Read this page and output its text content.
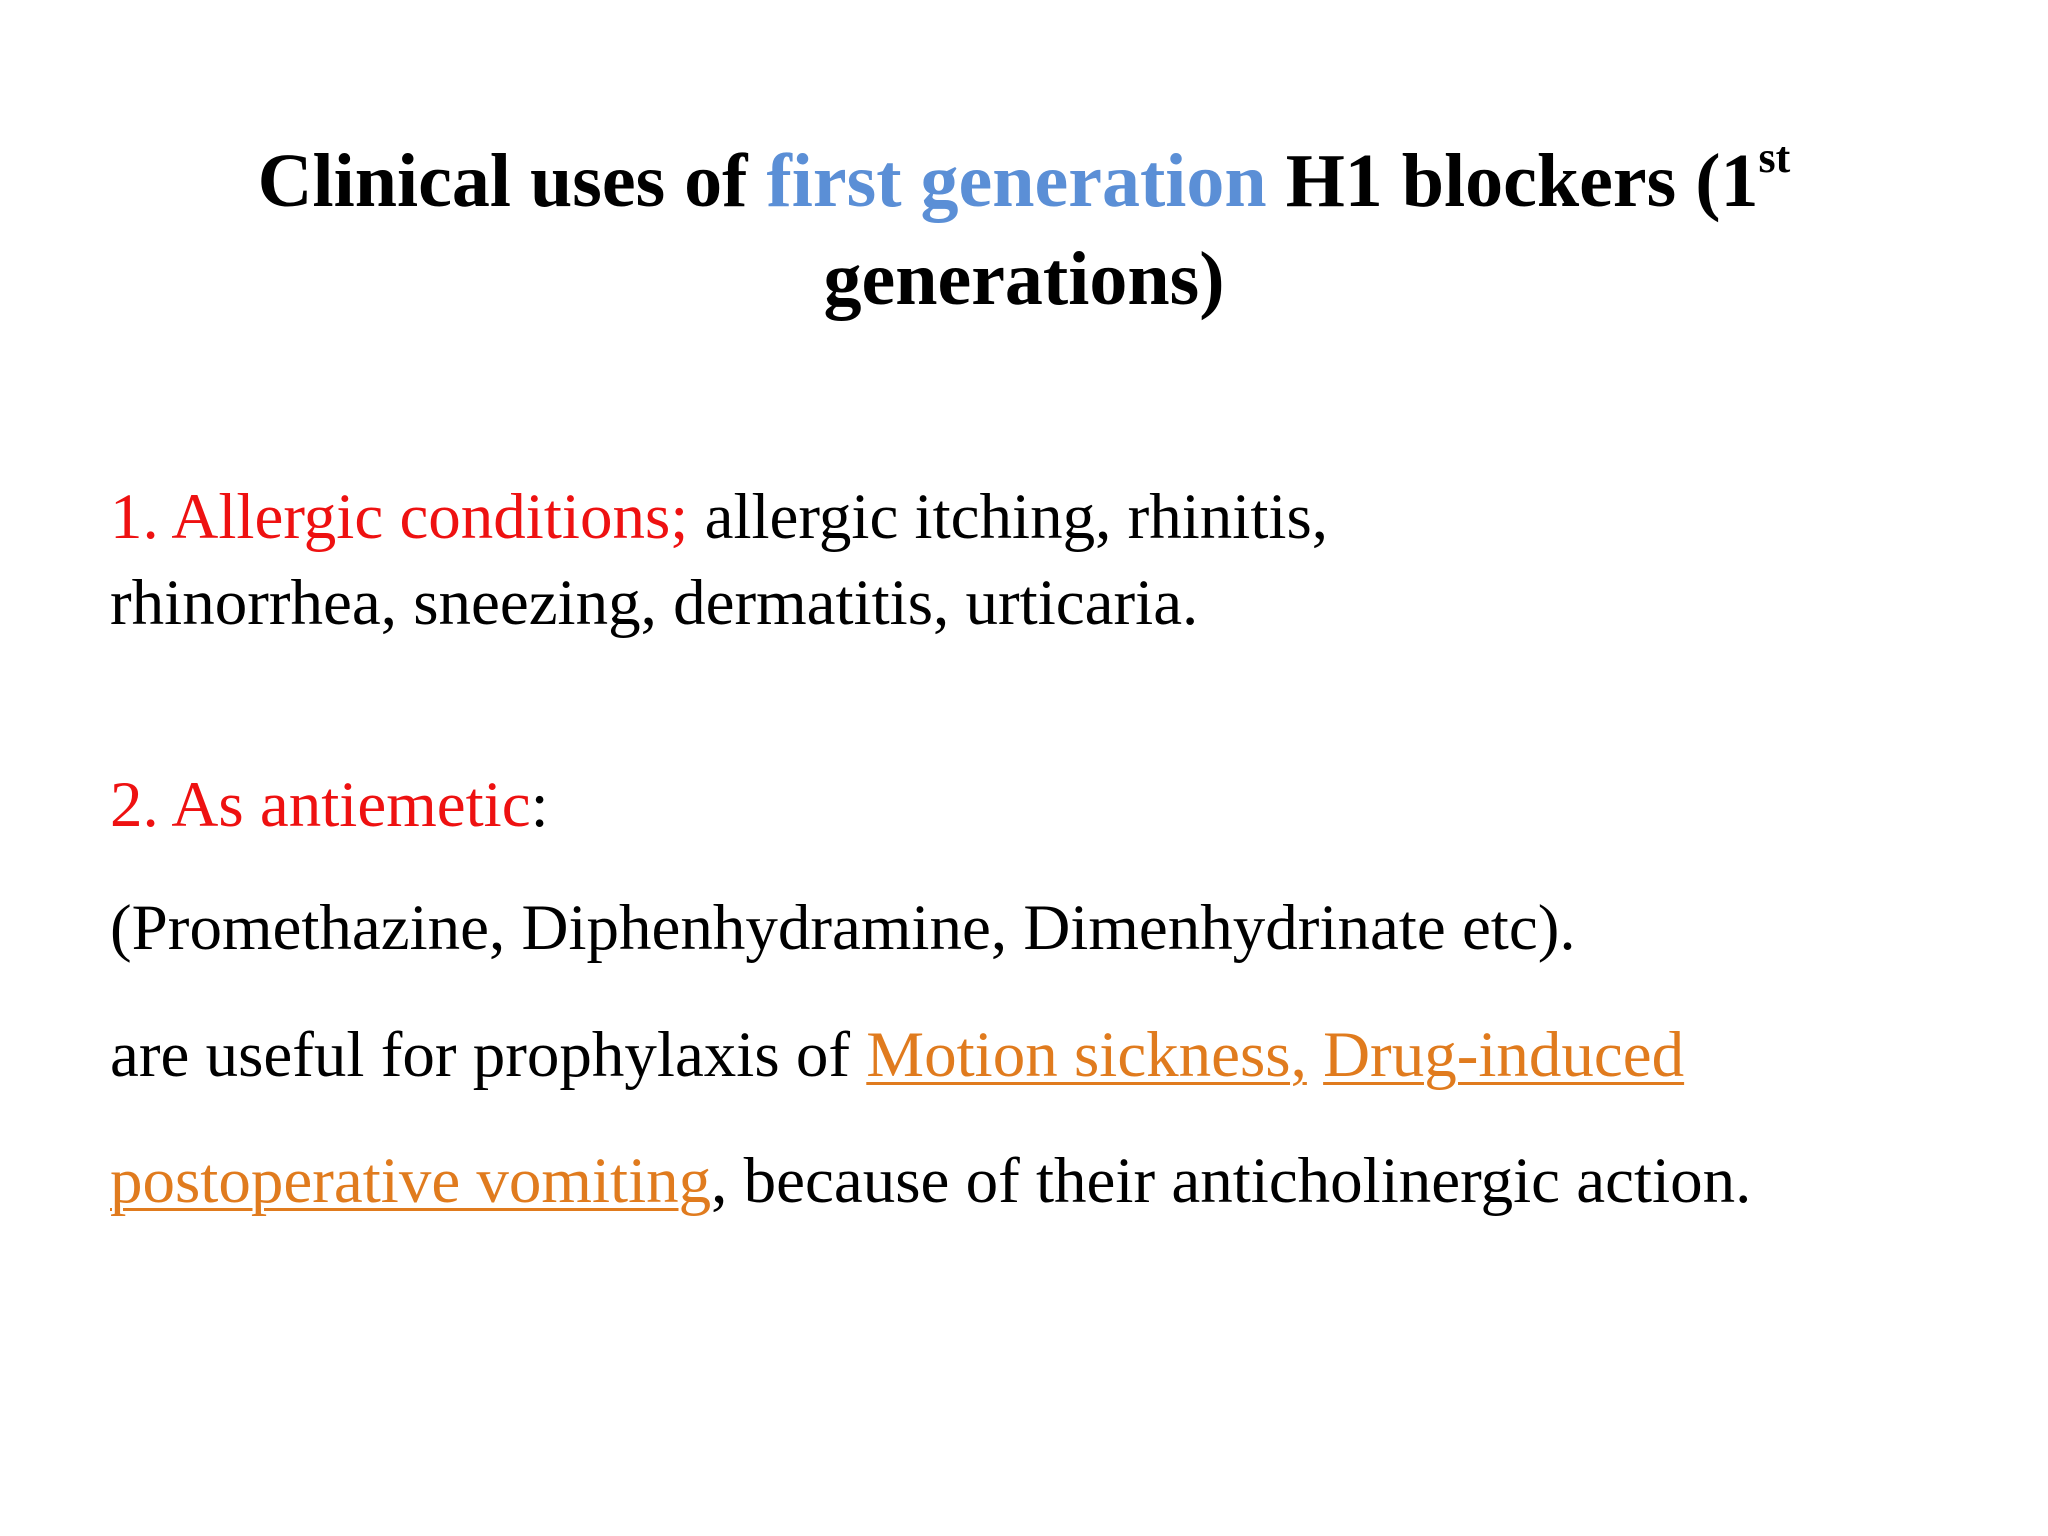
Clinical uses of first generation H1 blockers (1st
generations)
1. Allergic conditions; allergic itching, rhinitis,
rhinorrhea, sneezing, dermatitis, urticaria.
2. As antiemetic:
(Promethazine, Diphenhydramine, Dimenhydrinate etc).
are useful for prophylaxis of Motion sickness, Drug-induced
postoperative vomiting, because of their anticholinergic action.
